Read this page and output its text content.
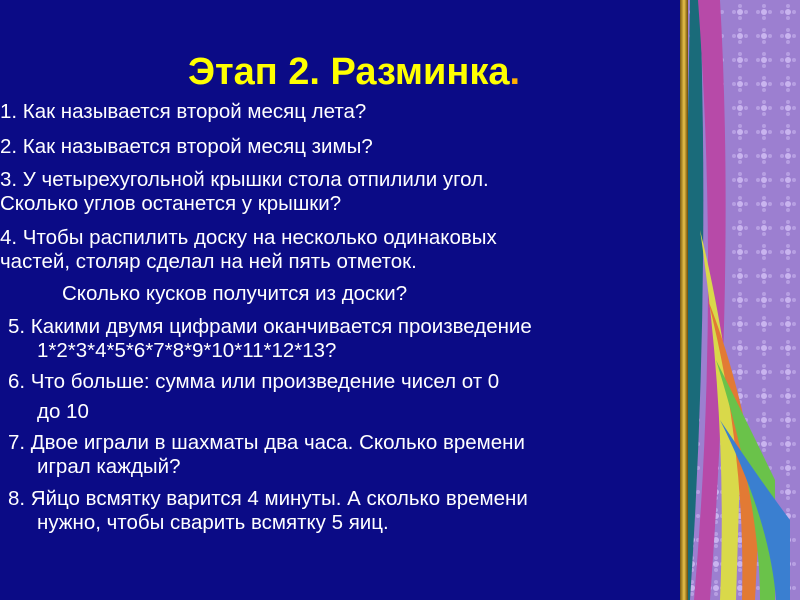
Этап 2. Разминка.
1. Как называется второй месяц лета?
2. Как называется второй месяц зимы?
3. У четырехугольной крышки стола отпилили угол.
Сколько углов останется у крышки?
4. Чтобы распилить доску на несколько одинаковых
частей, столяр сделал на ней пять отметок.
Сколько кусков получится из доски?
5. Какими двумя цифрами оканчивается произведение
1*2*3*4*5*6*7*8*9*10*11*12*13?
6. Что больше: сумма или произведение чисел от 0
до 10
7. Двое играли в шахматы два часа. Сколько времени
играл каждый?
8. Яйцо всмятку варится 4 минуты. А сколько времени
нужно, чтобы сварить всмятку 5 яиц.
